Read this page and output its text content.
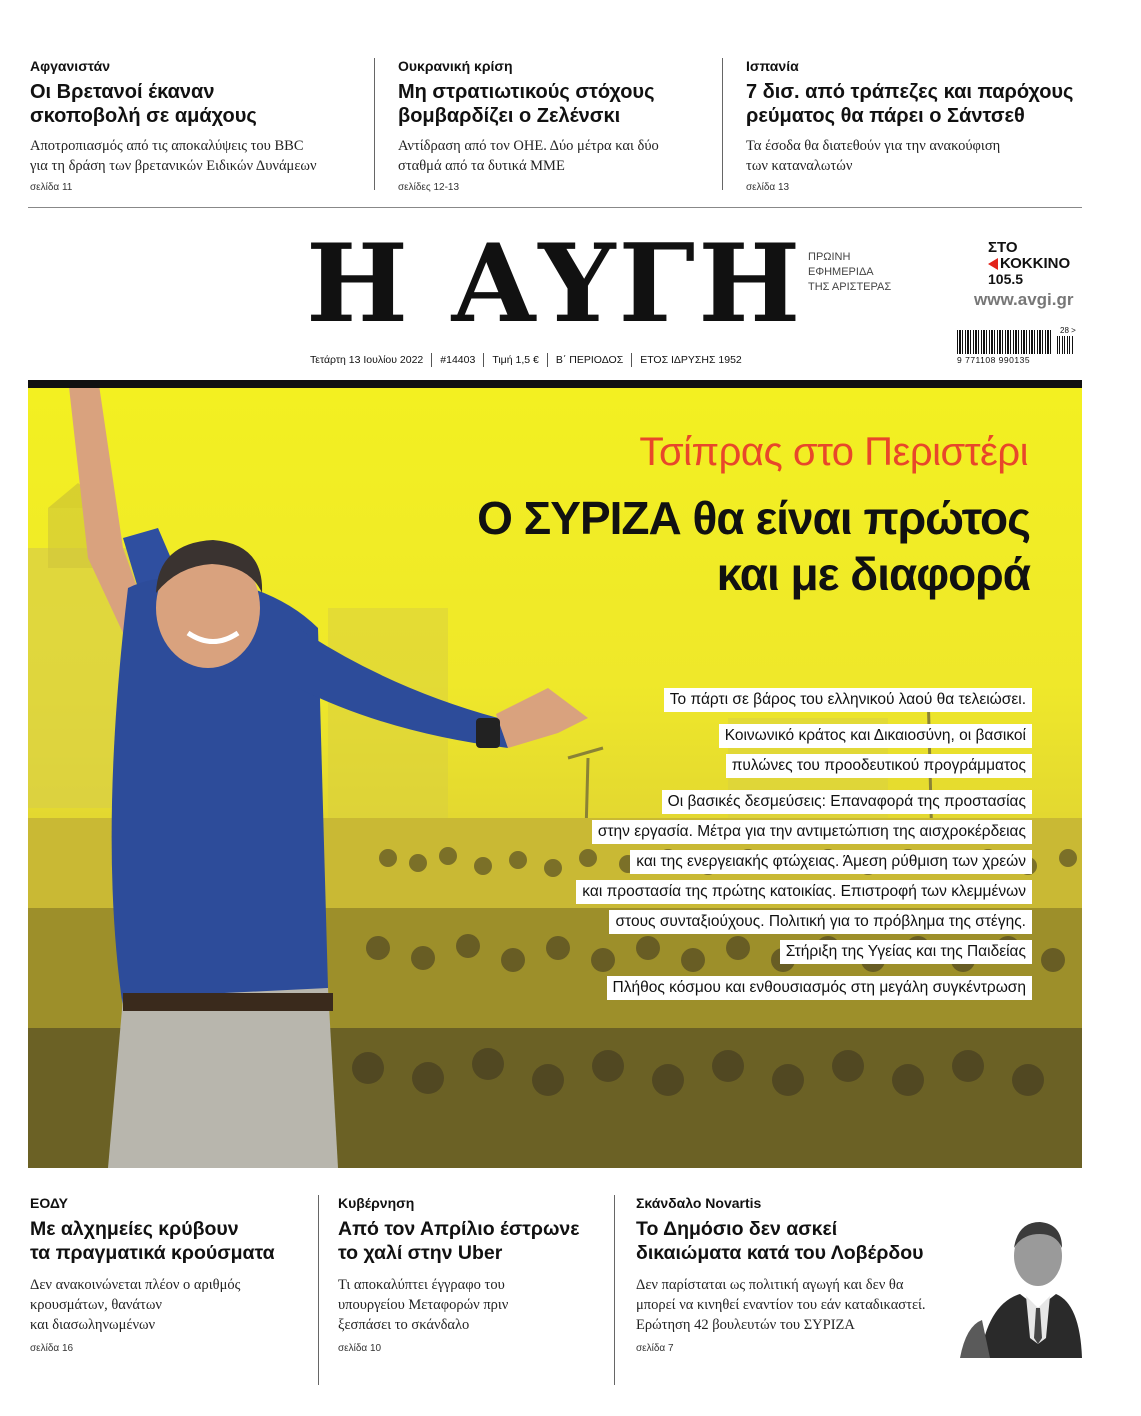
Αφγανιστάν
Οι Βρετανοί έκαναν
σκοποβολή σε αμάχους
Αποτροπιασμός από τις αποκαλύψεις του BBC
για τη δράση των βρετανικών Ειδικών Δυνάμεων
σελίδα 11
Ουκρανική κρίση
Μη στρατιωτικούς στόχους
βομβαρδίζει ο Ζελένσκι
Αντίδραση από τον ΟΗΕ. Δύο μέτρα και δύο
σταθμά από τα δυτικά ΜΜΕ
σελίδες 12-13
Ισπανία
7 δισ. από τράπεζες και παρόχους
ρεύματος θα πάρει ο Σάντσεθ
Τα έσοδα θα διατεθούν για την ανακούφιση
των καταναλωτών
σελίδα 13
Η ΑΥΓΗ ΠΡΩΙΝΗ
ΕΦΗΜΕΡΙΔΑ
ΤΗΣ ΑΡΙΣΤΕΡΑΣ
Τετάρτη 13 Ιουλίου 2022 #14403 Τιμή 1,5 € Β΄ ΠΕΡΙΟΔΟΣ ΕΤΟΣ ΙΔΡΥΣΗΣ 1952
ΣΤΟ
ΚΟΚΚΙΝΟ
105.5
www.avgi.gr
28 >
9 771108 990135
Τσίπρας στο Περιστέρι
Ο ΣΥΡΙΖΑ θα είναι πρώτος
και με διαφορά
Το πάρτι σε βάρος του ελληνικού λαού θα τελειώσει.
Κοινωνικό κράτος και Δικαιοσύνη, οι βασικοί
πυλώνες του προοδευτικού προγράμματος
Οι βασικές δεσμεύσεις: Επαναφορά της προστασίας
στην εργασία. Μέτρα για την αντιμετώπιση της αισχροκέρδειας
και της ενεργειακής φτώχειας. Άμεση ρύθμιση των χρεών
και προστασία της πρώτης κατοικίας. Επιστροφή των κλεμμένων
στους συνταξιούχους. Πολιτική για το πρόβλημα της στέγης.
Στήριξη της Υγείας και της Παιδείας
Πλήθος κόσμου και ενθουσιασμός στη μεγάλη συγκέντρωση
ΕΟΔΥ
Με αλχημείες κρύβουν
τα πραγματικά κρούσματα
Δεν ανακοινώνεται πλέον ο αριθμός
κρουσμάτων, θανάτων
και διασωληνωμένων
σελίδα 16
Κυβέρνηση
Από τον Απρίλιο έστρωνε
το χαλί στην Uber
Τι αποκαλύπτει έγγραφο του
υπουργείου Μεταφορών πριν
ξεσπάσει το σκάνδαλο
σελίδα 10
Σκάνδαλο Novartis
Το Δημόσιο δεν ασκεί
δικαιώματα κατά του Λοβέρδου
Δεν παρίσταται ως πολιτική αγωγή και δεν θα
μπορεί να κινηθεί εναντίον του εάν καταδικαστεί.
Ερώτηση 42 βουλευτών του ΣΥΡΙΖΑ
σελίδα 7
